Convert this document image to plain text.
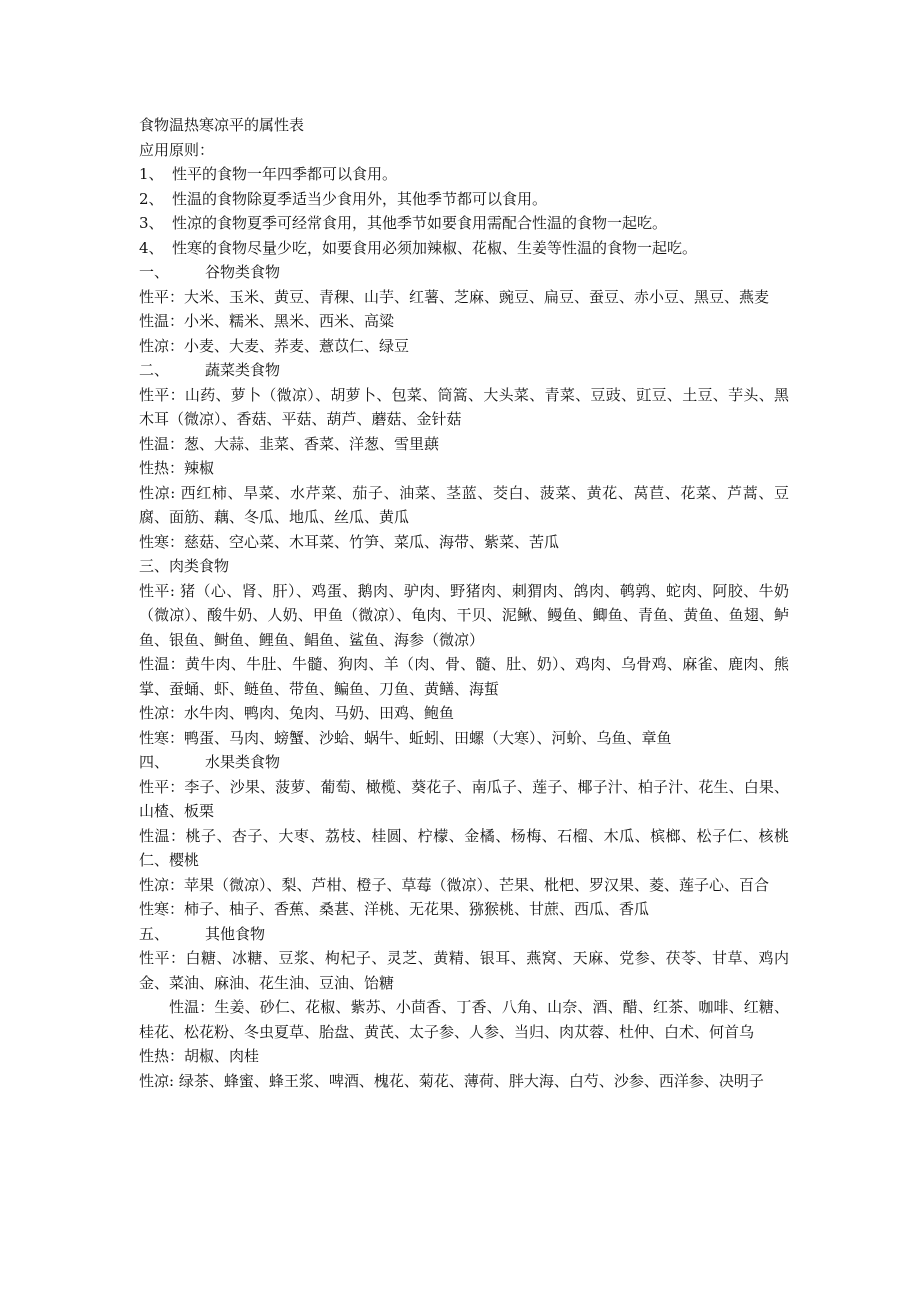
食物温热寒凉平的属性表

应用原则：

1、 性平的食物一年四季都可以食用。

2、 性温的食物除夏季适当少食用外，其他季节都可以食用。

3、 性凉的食物夏季可经常食用，其他季节如要食用需配合性温的食物一起吃。

4、 性寒的食物尽量少吃，如要食用必须加辣椒、花椒、生姜等性温的食物一起吃。

一、 谷物类食物

性平：大米、玉米、黄豆、青稞、山芋、红薯、芝麻、豌豆、扁豆、蚕豆、赤小豆、黑豆、燕麦

性温：小米、糯米、黑米、西米、高粱

性凉：小麦、大麦、荞麦、薏苡仁、绿豆

二、 蔬菜类食物

性平：山药、萝卜（微凉）、胡萝卜、包菜、筒篙、大头菜、青菜、豆豉、豇豆、土豆、芋头、黑木耳（微凉）、香菇、平菇、葫芦、蘑菇、金针菇

性温：葱、大蒜、韭菜、香菜、洋葱、雪里蕻

性热：辣椒

性凉: 西红柿、旱菜、水芹菜、茄子、油菜、茎蓝、茭白、菠菜、黄花、莴苣、花菜、芦蒿、豆腐、面筋、藕、冬瓜、地瓜、丝瓜、黄瓜

性寒：慈菇、空心菜、木耳菜、竹笋、菜瓜、海带、紫菜、苦瓜

三、肉类食物

性平: 猪（心、肾、肝）、鸡蛋、鹅肉、驴肉、野猪肉、刺猬肉、鸽肉、鹌鹑、蛇肉、阿胶、牛奶（微凉）、酸牛奶、人奶、甲鱼（微凉）、龟肉、干贝、泥鳅、鳗鱼、鲫鱼、青鱼、黄鱼、鱼翅、鲈鱼、银鱼、鲥鱼、鲤鱼、鲳鱼、鲨鱼、海参（微凉）

性温：黄牛肉、牛肚、牛髓、狗肉、羊（肉、骨、髓、肚、奶）、鸡肉、乌骨鸡、麻雀、鹿肉、熊掌、蚕蛹、虾、鲢鱼、带鱼、鳊鱼、刀鱼、黄鳝、海蜇

性凉：水牛肉、鸭肉、兔肉、马奶、田鸡、鲍鱼

性寒：鸭蛋、马肉、螃蟹、沙蛤、蜗牛、蚯蚓、田螺（大寒）、河蚧、乌鱼、章鱼

四、 水果类食物

性平：李子、沙果、菠萝、葡萄、橄榄、葵花子、南瓜子、莲子、椰子汁、柏子汁、花生、白果、山楂、板栗

性温：桃子、杏子、大枣、荔枝、桂圆、柠檬、金橘、杨梅、石榴、木瓜、槟榔、松子仁、核桃仁、樱桃

性凉：苹果（微凉）、梨、芦柑、橙子、草莓（微凉）、芒果、枇杷、罗汉果、菱、莲子心、百合

性寒：柿子、柚子、香蕉、桑葚、洋桃、无花果、猕猴桃、甘蔗、西瓜、香瓜

五、 其他食物

性平：白糖、冰糖、豆浆、枸杞子、灵芝、黄精、银耳、燕窝、天麻、党参、茯苓、甘草、鸡内金、菜油、麻油、花生油、豆油、饴糖

性温：生姜、砂仁、花椒、紫苏、小茴香、丁香、八角、山奈、酒、醋、红茶、咖啡、红糖、桂花、松花粉、冬虫夏草、胎盘、黄芪、太子参、人参、当归、肉苁蓉、杜仲、白术、何首乌

性热：胡椒、肉桂

性凉: 绿茶、蜂蜜、蜂王浆、啤酒、槐花、菊花、薄荷、胖大海、白芍、沙参、西洋参、决明子
